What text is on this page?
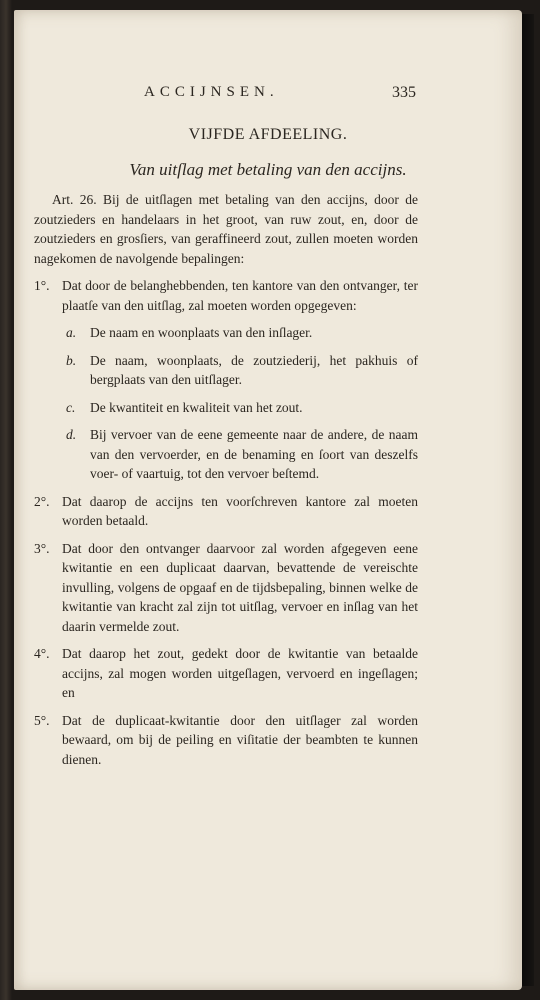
ACCIJNSEN.	335
VIJFDE AFDEELING.
Van uitſlag met betaling van den accijns.

Art. 26. Bij de uitſlagen met betaling van den accijns, door de zoutzieders en handelaars in het groot, van ruw zout, en, door de zoutzieders en grosſiers, van geraffineerd zout, zullen moeten worden nagekomen de navolgende bepalingen:

1°. Dat door de belanghebbenden, ten kantore van den ontvanger, ter plaatſe van den uitſlag, zal moeten worden opgegeven:

a. De naam en woonplaats van den inſlager.

b. De naam, woonplaats, de zoutziederij, het pakhuis of bergplaats van den uitſlager.

c. De kwantiteit en kwaliteit van het zout.

d. Bij vervoer van de eene gemeente naar de andere, de naam van den vervoerder, en de benaming en ſoort van deszelfs voer- of vaartuig, tot den vervoer beſtemd.

2°. Dat daarop de accijns ten voorſchreven kantore zal moeten worden betaald.

3°. Dat door den ontvanger daarvoor zal worden afgegeven eene kwitantie en een duplicaat daarvan, bevattende de vereischte invulling, volgens de opgaaf en de tijdsbepaling, binnen welke de kwitantie van kracht zal zijn tot uitſlag, vervoer en inſlag van het daarin vermelde zout.

4°. Dat daarop het zout, gedekt door de kwitantie van betaalde accijns, zal mogen worden uitgeſlagen, vervoerd en ingeſlagen; en

5°. Dat de duplicaat-kwitantie door den uitſlager zal worden bewaard, om bij de peiling en viſitatie der beambten te kunnen dienen.
